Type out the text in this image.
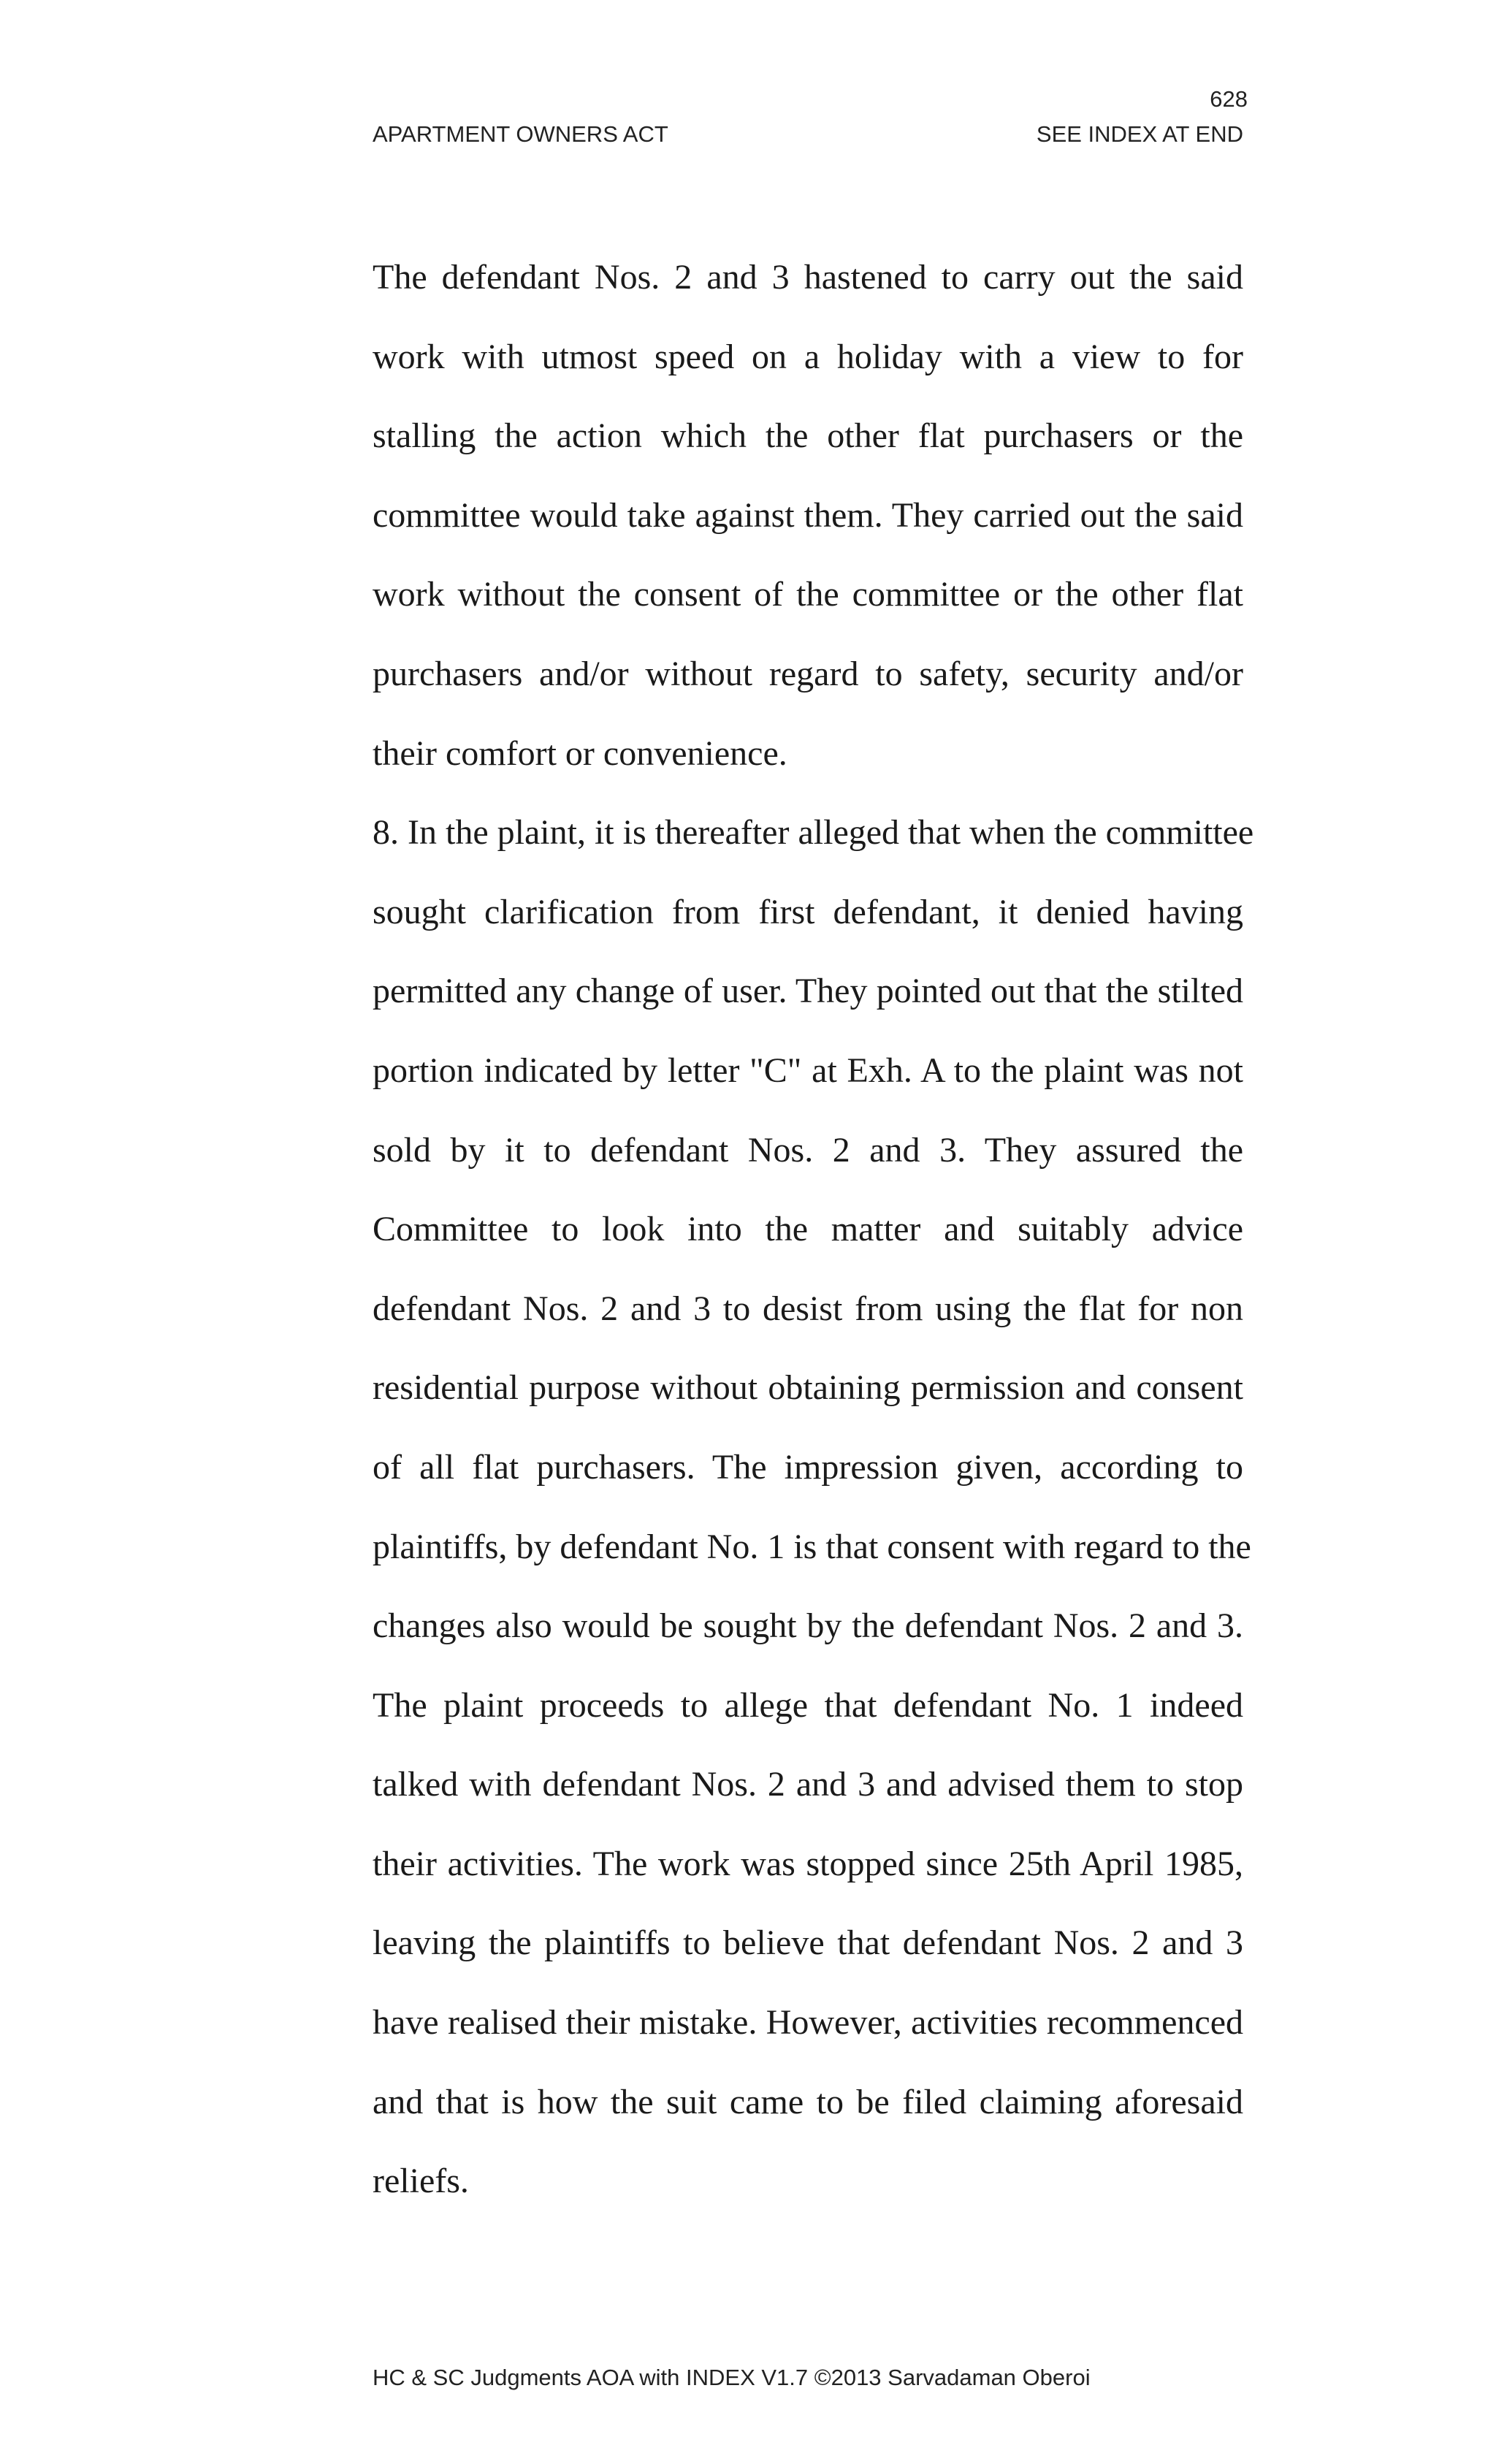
628
APARTMENT OWNERS ACT	SEE INDEX AT END
The defendant Nos. 2 and 3 hastened to carry out the said
work with utmost speed on a holiday with a view to for
stalling the action which the other flat purchasers or the
committee would take against them. They carried out the said
work without the consent of the committee or the other flat
purchasers and/or without regard to safety, security and/or
their comfort or convenience.
8. In the plaint, it is thereafter alleged that when the committee
sought clarification from first defendant, it denied having
permitted any change of user. They pointed out that the stilted
portion indicated by letter "C" at Exh. A to the plaint was not
sold by it to defendant Nos. 2 and 3. They assured the
Committee to look into the matter and suitably advice
defendant Nos. 2 and 3 to desist from using the flat for non
residential purpose without obtaining permission and consent
of all flat purchasers. The impression given, according to
plaintiffs, by defendant No. 1 is that consent with regard to the
changes also would be sought by the defendant Nos. 2 and 3.
The plaint proceeds to allege that defendant No. 1 indeed
talked with defendant Nos. 2 and 3 and advised them to stop
their activities. The work was stopped since 25th April 1985,
leaving the plaintiffs to believe that defendant Nos. 2 and 3
have realised their mistake. However, activities recommenced
and that is how the suit came to be filed claiming aforesaid
reliefs.
HC & SC Judgments AOA with INDEX V1.7 ©2013 Sarvadaman Oberoi
